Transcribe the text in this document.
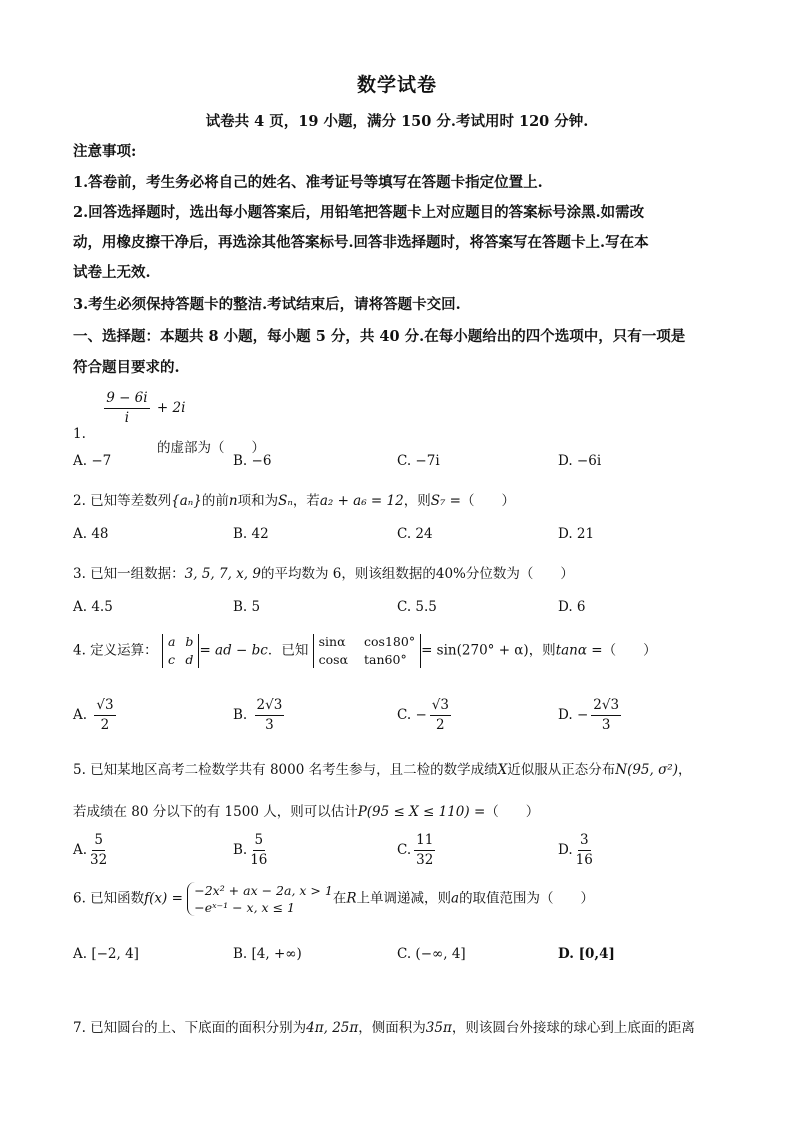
数学试卷
试卷共 4 页，19 小题，满分 150 分.考试用时 120 分钟.
注意事项:
1.答卷前，考生务必将自己的姓名、准考证号等填写在答题卡指定位置上.
2.回答选择题时，选出每小题答案后，用铅笔把答题卡上对应题目的答案标号涂黑.如需改
动，用橡皮擦干净后，再选涂其他答案标号.回答非选择题时，将答案写在答题卡上.写在本
试卷上无效.
3.考生必须保持答题卡的整洁.考试结束后，请将答题卡交回.
一、选择题：本题共 8 小题，每小题 5 分，共 40 分.在每小题给出的四个选项中，只有一项是
符合题目要求的.
1.
$\frac{9 - 6i}{i} + 2i$
的虚部为（　　）
A. −7	B. −6	C. −7i	D. −6i
2. 已知等差数列{aₙ}的前n项和为Sₙ，若a₂ + a₆ = 12，则S₇ =（　　）
A. 48	B. 42	C. 24	D. 21
3. 已知一组数据：3, 5, 7, x, 9的平均数为 6，则该组数据的40%分位数为（　　）
A. 4.5	B. 5	C. 5.5	D. 6
4. 定义运算：
a b
c d
= ad − bc．已知
sinα cos180°
cosα tan60°
= sin(270° + α)，则tanα =（　　）
A. $\frac{√3}{2}$	B. $\frac{2√3}{3}$	C. − $\frac{√3}{2}$	D. − $\frac{2√3}{3}$
5. 已知某地区高考二检数学共有 8000 名考生参与，且二检的数学成绩X近似服从正态分布N(95, σ²)，
若成绩在 80 分以下的有 1500 人，则可以估计P(95 ≤ X ≤ 110) =（　　）
A. $\frac{5}{32}$	B. $\frac{5}{16}$	C. $\frac{11}{32}$	D. $\frac{3}{16}$
6. 已知函数f(x) = −2x² + ax − 2a, x > 1
−eˣ⁻¹ − x, x ≤ 1
在R上单调递减，则a的取值范围为（　　）
A. [−2, 4]	B. [4, +∞)	C. (−∞, 4]	D. [0,4]
7. 已知圆台的上、下底面的面积分别为4π, 25π，侧面积为35π，则该圆台外接球的球心到上底面的距离
